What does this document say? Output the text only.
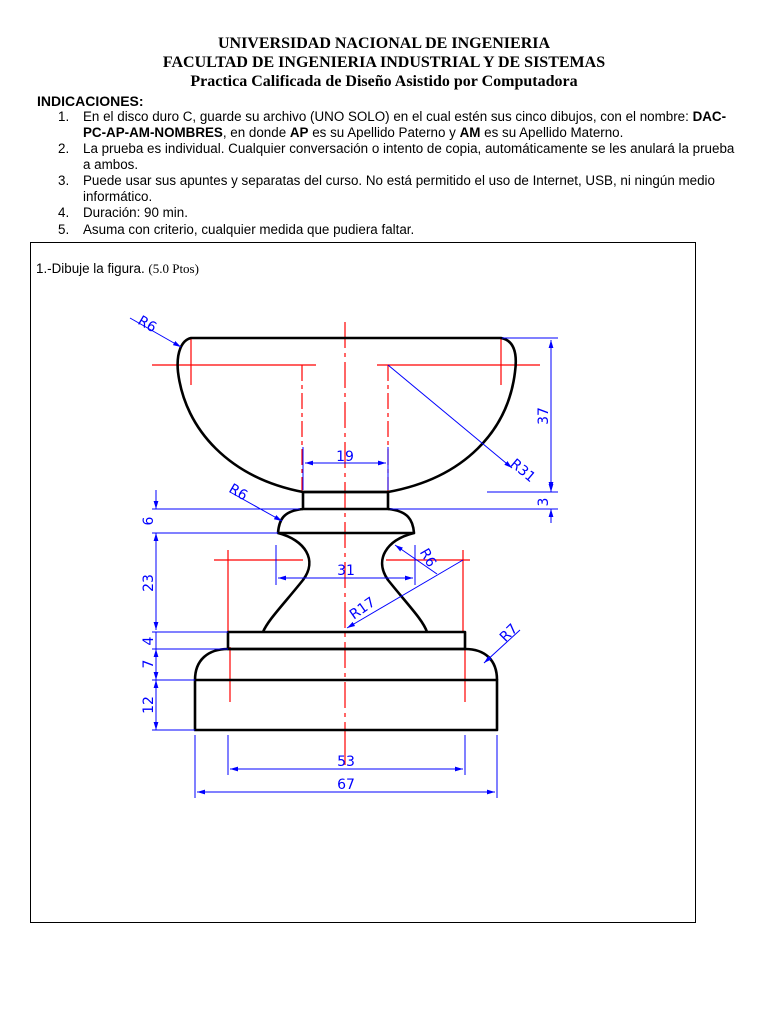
UNIVERSIDAD NACIONAL DE INGENIERIA
FACULTAD DE INGENIERIA INDUSTRIAL Y DE SISTEMAS
Practica Calificada de Diseño Asistido por Computadora
INDICACIONES:
1. En el disco duro C, guarde su archivo (UNO SOLO) en el cual estén sus cinco dibujos, con el nombre: DAC-PC-AP-AM-NOMBRES, en donde AP es su Apellido Paterno y AM es su Apellido Materno.
2. La prueba es individual. Cualquier conversación o intento de copia, automáticamente se les anulará la prueba a ambos.
3. Puede usar sus apuntes y separatas del curso. No está permitido el uso de Internet, USB, ni ningún medio informático.
4. Duración: 90 min.
5. Asuma con criterio, cualquier medida que pudiera faltar.
1.-Dibuje la figura. (5.0 Ptos)
R6
37
3
R31
19
R6
6
23
31
R6
R17
R7
4
7
12
53
67
